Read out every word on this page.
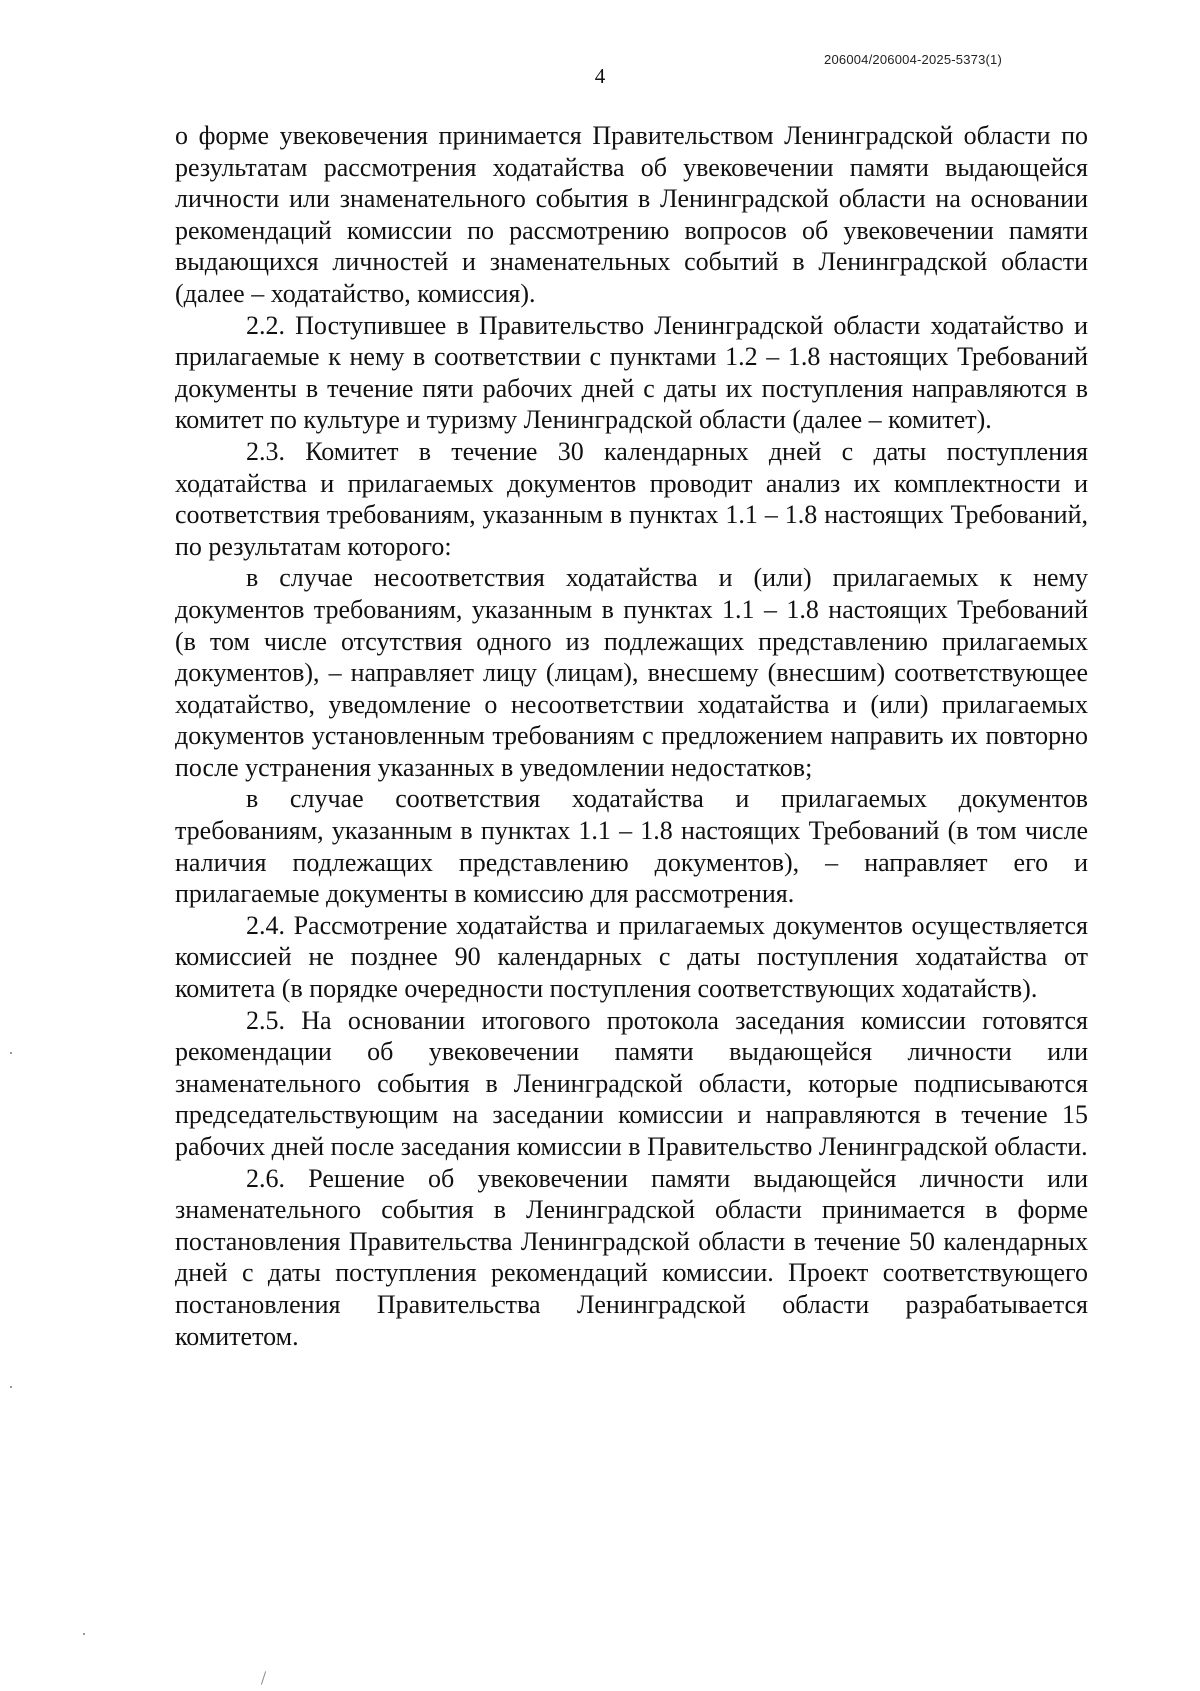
206004/206004-2025-5373(1)
4

о форме увековечения принимается Правительством Ленинградской области по результатам рассмотрения ходатайства об увековечении памяти выдающейся личности или знаменательного события в Ленинградской области на основании рекомендаций комиссии по рассмотрению вопросов об увековечении памяти выдающихся личностей и знаменательных событий в Ленинградской области (далее – ходатайство, комиссия).

2.2. Поступившее в Правительство Ленинградской области ходатайство и прилагаемые к нему в соответствии с пунктами 1.2 – 1.8 настоящих Требований документы в течение пяти рабочих дней с даты их поступления направляются в комитет по культуре и туризму Ленинградской области (далее – комитет).

2.3. Комитет в течение 30 календарных дней с даты поступления ходатайства и прилагаемых документов проводит анализ их комплектности и соответствия требованиям, указанным в пунктах 1.1 – 1.8 настоящих Требований, по результатам которого:

в случае несоответствия ходатайства и (или) прилагаемых к нему документов требованиям, указанным в пунктах 1.1 – 1.8 настоящих Требований (в том числе отсутствия одного из подлежащих представлению прилагаемых документов), – направляет лицу (лицам), внесшему (внесшим) соответствующее ходатайство, уведомление о несоответствии ходатайства и (или) прилагаемых документов установленным требованиям с предложением направить их повторно после устранения указанных в уведомлении недостатков;

в случае соответствия ходатайства и прилагаемых документов требованиям, указанным в пунктах 1.1 – 1.8 настоящих Требований (в том числе наличия подлежащих представлению документов), – направляет его и прилагаемые документы в комиссию для рассмотрения.

2.4. Рассмотрение ходатайства и прилагаемых документов осуществляется комиссией не позднее 90 календарных с даты поступления ходатайства от комитета (в порядке очередности поступления соответствующих ходатайств).

2.5. На основании итогового протокола заседания комиссии готовятся рекомендации об увековечении памяти выдающейся личности или знаменательного события в Ленинградской области, которые подписываются председательствующим на заседании комиссии и направляются в течение 15 рабочих дней после заседания комиссии в Правительство Ленинградской области.

2.6. Решение об увековечении памяти выдающейся личности или знаменательного события в Ленинградской области принимается в форме постановления Правительства Ленинградской области в течение 50 календарных дней с даты поступления рекомендаций комиссии. Проект соответствующего постановления Правительства Ленинградской области разрабатывается комитетом.
